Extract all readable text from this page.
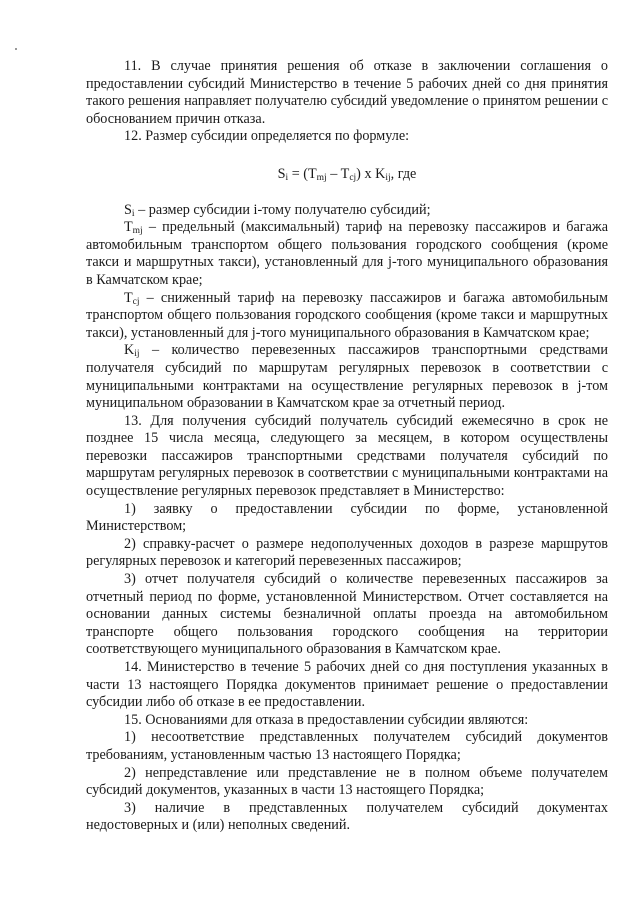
11. В случае принятия решения об отказе в заключении соглашения о предоставлении субсидий Министерство в течение 5 рабочих дней со дня принятия такого решения направляет получателю субсидий уведомление о принятом решении с обоснованием причин отказа.

12. Размер субсидии определяется по формуле:

$S_i = (T_{mj} - T_{cj})$ x $K_{ij}$, где

$S_i$ – размер субсидии i-тому получателю субсидий;

$T_{mj}$ – предельный (максимальный) тариф на перевозку пассажиров и багажа автомобильным транспортом общего пользования городского сообщения (кроме такси и маршрутных такси), установленный для j-того муниципального образования в Камчатском крае;

$T_{cj}$ – сниженный тариф на перевозку пассажиров и багажа автомобильным транспортом общего пользования городского сообщения (кроме такси и маршрутных такси), установленный для j-того муниципального образования в Камчатском крае;

$K_{ij}$ – количество перевезенных пассажиров транспортными средствами получателя субсидий по маршрутам регулярных перевозок в соответствии с муниципальными контрактами на осуществление регулярных перевозок в j-том муниципальном образовании в Камчатском крае за отчетный период.

13. Для получения субсидий получатель субсидий ежемесячно в срок не позднее 15 числа месяца, следующего за месяцем, в котором осуществлены перевозки пассажиров транспортными средствами получателя субсидий по маршрутам регулярных перевозок в соответствии с муниципальными контрактами на осуществление регулярных перевозок представляет в Министерство:

1) заявку о предоставлении субсидии по форме, установленной Министерством;

2) справку-расчет о размере недополученных доходов в разрезе маршрутов регулярных перевозок и категорий перевезенных пассажиров;

3) отчет получателя субсидий о количестве перевезенных пассажиров за отчетный период по форме, установленной Министерством. Отчет составляется на основании данных системы безналичной оплаты проезда на автомобильном транспорте общего пользования городского сообщения на территории соответствующего муниципального образования в Камчатском крае.

14. Министерство в течение 5 рабочих дней со дня поступления указанных в части 13 настоящего Порядка документов принимает решение о предоставлении субсидии либо об отказе в ее предоставлении.

15. Основаниями для отказа в предоставлении субсидии являются:

1) несоответствие представленных получателем субсидий документов требованиям, установленным частью 13 настоящего Порядка;

2) непредставление или представление не в полном объеме получателем субсидий документов, указанных в части 13 настоящего Порядка;

3) наличие в представленных получателем субсидий документах недостоверных и (или) неполных сведений.
